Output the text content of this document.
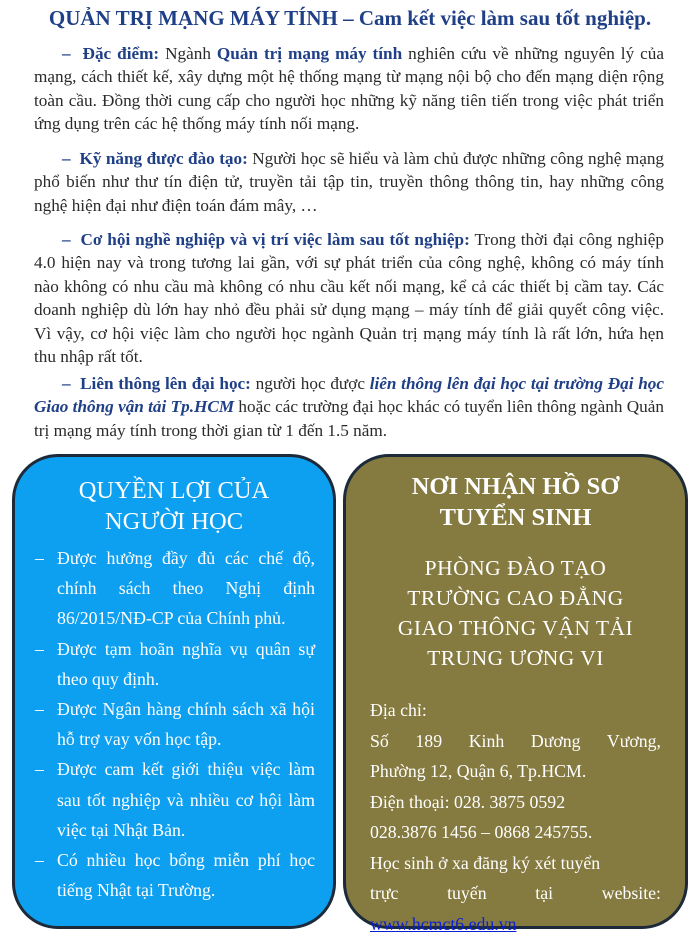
QUẢN TRỊ MẠNG MÁY TÍNH – Cam kết việc làm sau tốt nghiệp.
– Đặc điểm: Ngành Quản trị mạng máy tính nghiên cứu về những nguyên lý của mạng, cách thiết kế, xây dựng một hệ thống mạng từ mạng nội bộ cho đến mạng diện rộng toàn cầu. Đồng thời cung cấp cho người học những kỹ năng tiên tiến trong việc phát triển ứng dụng trên các hệ thống máy tính nối mạng.
– Kỹ năng được đào tạo: Người học sẽ hiểu và làm chủ được những công nghệ mạng phổ biến như thư tín điện tử, truyền tải tập tin, truyền thông thông tin, hay những công nghệ hiện đại như điện toán đám mây, …
– Cơ hội nghề nghiệp và vị trí việc làm sau tốt nghiệp: Trong thời đại công nghiệp 4.0 hiện nay và trong tương lai gần, với sự phát triển của công nghệ, không có máy tính nào không có nhu cầu mà không có nhu cầu kết nối mạng, kể cả các thiết bị cầm tay. Các doanh nghiệp dù lớn hay nhỏ đều phải sử dụng mạng – máy tính để giải quyết công việc. Vì vậy, cơ hội việc làm cho người học ngành Quản trị mạng máy tính là rất lớn, hứa hẹn thu nhập rất tốt.
– Liên thông lên đại học: người học được liên thông lên đại học tại trường Đại học Giao thông vận tải Tp.HCM hoặc các trường đại học khác có tuyển liên thông ngành Quản trị mạng máy tính trong thời gian từ 1 đến 1.5 năm.
QUYỀN LỢI CỦA
NGƯỜI HỌC
– Được hưởng đầy đủ các chế độ, chính sách theo Nghị định 86/2015/NĐ-CP của Chính phủ.
– Được tạm hoãn nghĩa vụ quân sự theo quy định.
– Được Ngân hàng chính sách xã hội hỗ trợ vay vốn học tập.
– Được cam kết giới thiệu việc làm sau tốt nghiệp và nhiều cơ hội làm việc tại Nhật Bản.
– Có nhiều học bổng miễn phí học tiếng Nhật tại Trường.
NƠI NHẬN HỒ SƠ
TUYỂN SINH
PHÒNG ĐÀO TẠO
TRƯỜNG CAO ĐẲNG
GIAO THÔNG VẬN TẢI
TRUNG ƯƠNG VI
Địa chỉ:
Số 189 Kinh Dương Vương,
Phường 12, Quận 6, Tp.HCM.
Điện thoại: 028. 3875 0592
028.3876 1456 – 0868 245755.
Học sinh ở xa đăng ký xét tuyển
trực tuyến tại website:
www.hcmct6.edu.vn
